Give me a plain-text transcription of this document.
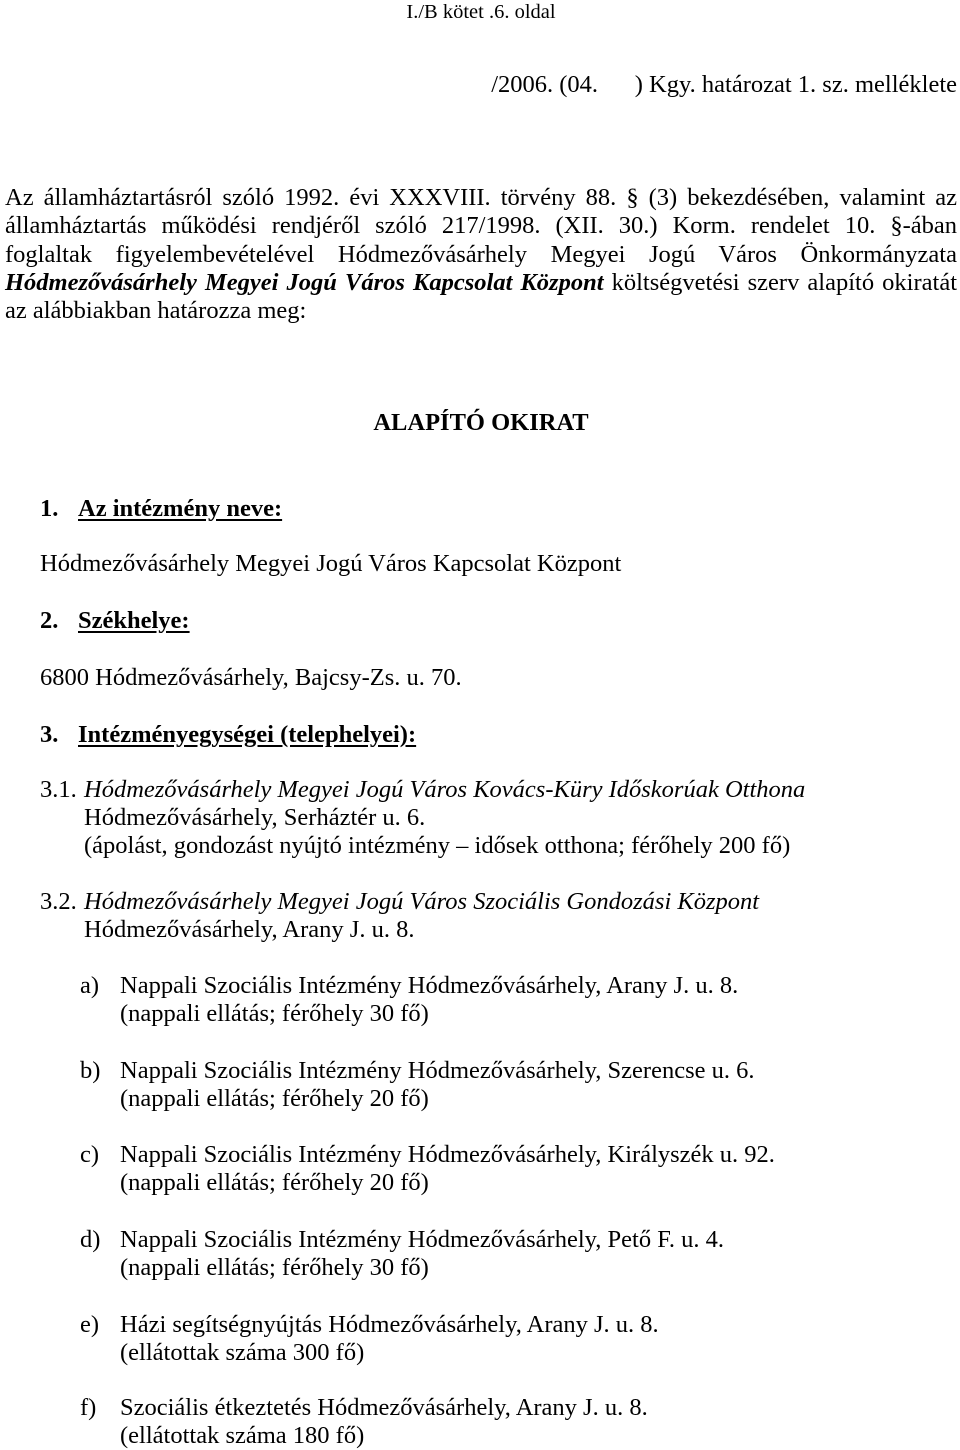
I./B kötet .6. oldal
/2006. (04.      ) Kgy. határozat 1. sz. melléklete
Az államháztartásról szóló 1992. évi XXXVIII. törvény 88. § (3) bekezdésében, valamint az
államháztartás működési rendjéről szóló 217/1998. (XII. 30.) Korm. rendelet 10. §-ában
foglaltak figyelembevételével Hódmezővásárhely Megyei Jogú Város Önkormányzata
Hódmezővásárhely Megyei Jogú Város Kapcsolat Központ költségvetési szerv alapító okiratát
az alábbiakban határozza meg:
ALAPÍTÓ OKIRAT
1. Az intézmény neve:
Hódmezővásárhely Megyei Jogú Város Kapcsolat Központ
2. Székhelye:
6800 Hódmezővásárhely, Bajcsy-Zs. u. 70.
3. Intézményegységei (telephelyei):
3.1. Hódmezővásárhely Megyei Jogú Város Kovács-Küry Időskorúak Otthona
Hódmezővásárhely, Serháztér u. 6.
(ápolást, gondozást nyújtó intézmény – idősek otthona; férőhely 200 fő)
3.2. Hódmezővásárhely Megyei Jogú Város Szociális Gondozási Központ
Hódmezővásárhely, Arany J. u. 8.
a) Nappali Szociális Intézmény Hódmezővásárhely, Arany J. u. 8.
(nappali ellátás; férőhely 30 fő)
b) Nappali Szociális Intézmény Hódmezővásárhely, Szerencse u. 6.
(nappali ellátás; férőhely 20 fő)
c) Nappali Szociális Intézmény Hódmezővásárhely, Királyszék u. 92.
(nappali ellátás; férőhely 20 fő)
d) Nappali Szociális Intézmény Hódmezővásárhely, Pető F. u. 4.
(nappali ellátás; férőhely 30 fő)
e) Házi segítségnyújtás Hódmezővásárhely, Arany J. u. 8.
(ellátottak száma 300 fő)
f) Szociális étkeztetés Hódmezővásárhely, Arany J. u. 8.
(ellátottak száma 180 fő)
